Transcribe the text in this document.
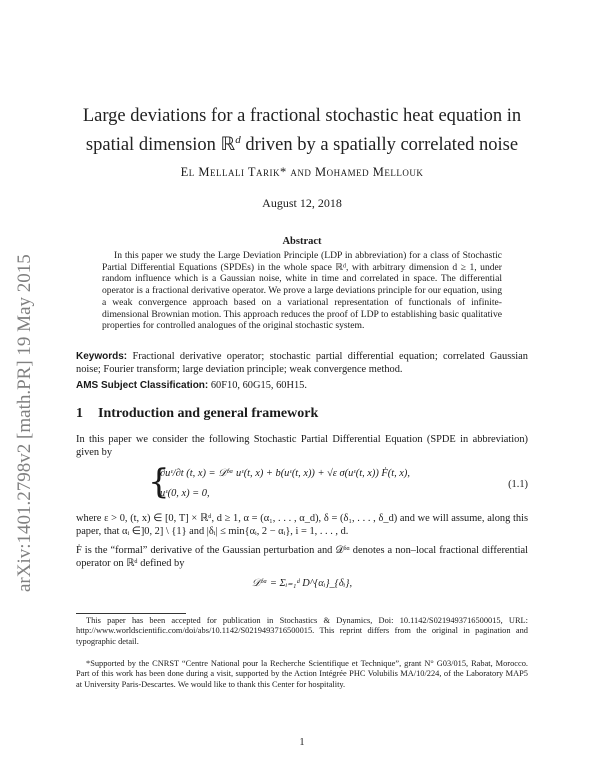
arXiv:1401.2798v2 [math.PR] 19 May 2015
Large deviations for a fractional stochastic heat equation in
spatial dimension ℝ$^d$ driven by a spatially correlated noise
El Mellali Tarik* and Mohamed Mellouk
August 12, 2018
Abstract
In this paper we study the Large Deviation Principle (LDP in abbreviation) for a class of Stochastic Partial Differential Equations (SPDEs) in the whole space ℝᵈ, with arbitrary dimension d ≥ 1, under random influence which is a Gaussian noise, white in time and correlated in space. The differential operator is a fractional derivative operator. We prove a large deviations principle for our equation, using a weak convergence approach based on a variational representation of functionals of infinite-dimensional Brownian motion. This approach reduces the proof of LDP to establishing basic qualitative properties for controlled analogues of the original stochastic system.
Keywords: Fractional derivative operator; stochastic partial differential equation; correlated Gaussian noise; Fourier transform; large deviation principle; weak convergence method.
AMS Subject Classification: 60F10, 60G15, 60H15.
1 Introduction and general framework
In this paper we consider the following Stochastic Partial Differential Equation (SPDE in abbreviation) given by
{
∂uᵋ/∂t (t, x) = 𝒟ᵟᵅ uᵋ(t, x) + b(uᵋ(t, x)) + √ε σ(uᵋ(t, x)) Ḟ(t, x),
uᵋ(0, x) = 0,
(1.1)
where ε > 0, (t, x) ∈ [0, T] × ℝᵈ, d ≥ 1, α = (α₁, . . . , α_d), δ = (δ₁, . . . , δ_d) and we will assume, along this paper, that αᵢ ∈]0, 2] \ {1} and |δᵢ| ≤ min{αᵢ, 2 − αᵢ}, i = 1, . . . , d.
Ḟ is the “formal” derivative of the Gaussian perturbation and 𝒟ᵟᵅ denotes a non–local fractional differential operator on ℝᵈ defined by
𝒟ᵟᵅ = Σᵢ₌₁ᵈ D^{αᵢ}_{δᵢ},
This paper has been accepted for publication in Stochastics & Dynamics, Doi: 10.1142/S0219493716500015, URL: http://www.worldscientific.com/doi/abs/10.1142/S0219493716500015. This reprint differs from the original in pagination and typographic detail.
*Supported by the CNRST “Centre National pour la Recherche Scientifique et Technique”, grant N° G03/015, Rabat, Morocco. Part of this work has been done during a visit, supported by the Action Intégrée PHC Volubilis MA/10/224, of the Laboratory MAP5 at University Paris-Descartes. We would like to thank this Center for hospitality.
1
